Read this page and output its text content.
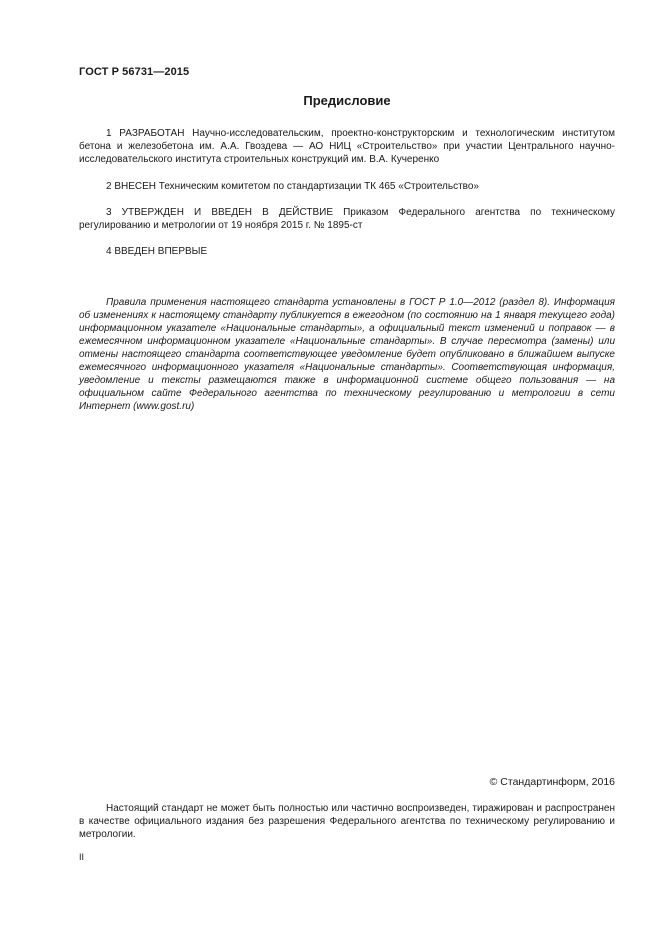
ГОСТ Р 56731—2015
Предисловие

1 РАЗРАБОТАН Научно-исследовательским, проектно-конструкторским и технологическим институтом бетона и железобетона им. А.А. Гвоздева — АО НИЦ «Строительство» при участии Центрального научно-исследовательского института строительных конструкций им. В.А. Кучеренко

2 ВНЕСЕН Техническим комитетом по стандартизации ТК 465 «Строительство»

3 УТВЕРЖДЕН И ВВЕДЕН В ДЕЙСТВИЕ Приказом Федерального агентства по техническому регулированию и метрологии от 19 ноября 2015 г. № 1895-ст

4 ВВЕДЕН ВПЕРВЫЕ

Правила применения настоящего стандарта установлены в ГОСТ Р 1.0—2012 (раздел 8). Информация об изменениях к настоящему стандарту публикуется в ежегодном (по состоянию на 1 января текущего года) информационном указателе «Национальные стандарты», а официальный текст изменений и поправок — в ежемесячном информационном указателе «Национальные стандарты». В случае пересмотра (замены) или отмены настоящего стандарта соответствующее уведомление будет опубликовано в ближайшем выпуске ежемесячного информационного указателя «Национальные стандарты». Соответствующая информация, уведомление и тексты размещаются также в информационной системе общего пользования — на официальном сайте Федерального агентства по техническому регулированию и метрологии в сети Интернет (www.gost.ru)

© Стандартинформ, 2016

Настоящий стандарт не может быть полностью или частично воспроизведен, тиражирован и распространен в качестве официального издания без разрешения Федерального агентства по техническому регулированию и метрологии.

II
